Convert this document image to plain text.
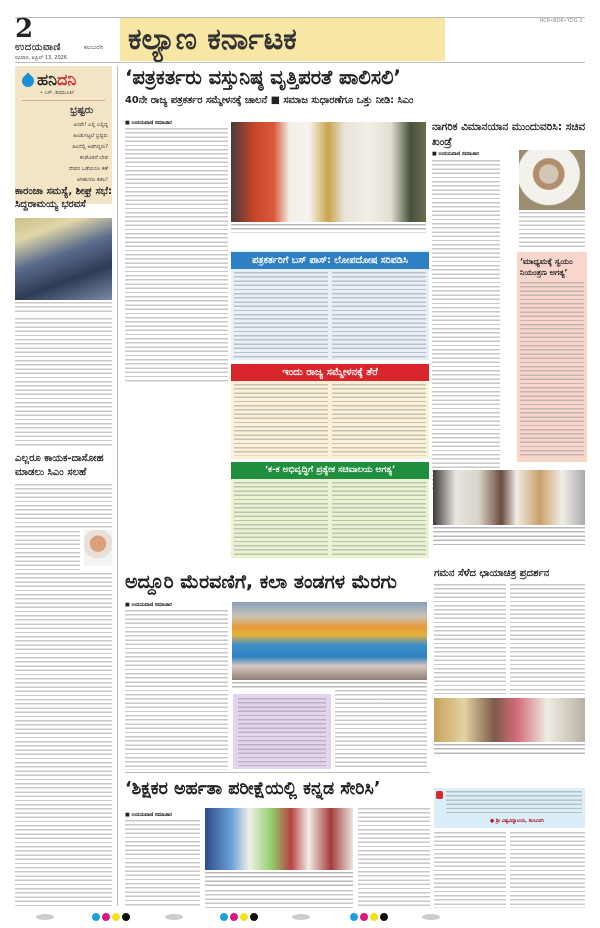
2
ಉದಯವಾಣಿ	ಕಲಬುರಗಿ
ರವಿವಾರ, ಏಪ್ರಿಲ್ 13, 2026
ಕಲ್ಯಾಣ ಕರ್ನಾಟಕ
RCR•BDR•YDG 2
ಹನಿದನಿ
• ಎಸ್. ಶಿವಮೂರ್ತಿ
ಭ್ರಷ್ಟರು
ಅರರೇ! ಎಲ್ಲಿ ಎಲ್ಲಿದ್ದ
ಹಿಂಡುಗಟ್ಟಲೆ ಭ್ರಷ್ಟರು
ಹಿಂದೆಲ್ಲಿ ಅಡಗಿದ್ದರು?
ಕಂಡೊಡನೆ ಬೇಡ
ದೇವರ ಒಡೆಯನೂ ಕಣೆ
ಅಗಿಹುದಣ ಕಡಲ!
ಕಾರಂಜಾ ಸಮಸ್ಯೆ, ಶೀಘ್ರ ಸಭೆ: ಸಿದ್ದರಾಮಯ್ಯ ಭರವಸೆ
ಎಲ್ಲರೂ ಕಾಯಕ-ದಾಸೋಹ ಮಾಡಲು ಸಿಎಂ ಸಲಹೆ
‘ಪತ್ರಕರ್ತರು ವಸ್ತುನಿಷ್ಠ ವೃತ್ತಿಪರತೆ ಪಾಲಿಸಲಿ’
40ನೇ ರಾಜ್ಯ ಪತ್ರಕರ್ತರ ಸಮ್ಮೇಳನಕ್ಕೆ ಚಾಲನೆ ■ ಸಮಾಜ ಸುಧಾರಣೆಗೂ ಒತ್ತು ನೀಡಿ: ಸಿಎಂ
■ ಉದಯವಾಣಿ ಸಮಾಚಾರ
ಪತ್ರಕರ್ತರಿಗೆ ಬಸ್ ಪಾಸ್: ಲೋಪದೋಷ ಸರಿಪಡಿಸಿ
ಇಂದು ರಾಜ್ಯ ಸಮ್ಮೇಳನಕ್ಕೆ ತೆರೆ
‘ಕ-ಕ ಅಭಿವೃದ್ಧಿಗೆ ಪ್ರತ್ಯೇಕ ಸಚಿವಾಲಯ ಅಗತ್ಯ’
ನಾಗರಿಕ ವಿಮಾನಯಾನ ಮುಂದುವರಿಸಿ: ಸಚಿವ ಖಂಡ್ರೆ
■ ಉದಯವಾಣಿ ಸಮಾಚಾರ
‘ಮಾಧ್ಯಮಕ್ಕೆ ಸ್ವಯಂ ನಿಯಂತ್ರಣ ಅಗತ್ಯ’
ಅದ್ದೂರಿ ಮೆರವಣಿಗೆ, ಕಲಾ ತಂಡಗಳ ಮೆರಗು
■ ಉದಯವಾಣಿ ಸಮಾಚಾರ
ಗಮನ ಸೆಳೆದ ಛಾಯಾಚಿತ್ರ ಪ್ರದರ್ಶನ
‘ಶಿಕ್ಷಕರ ಅರ್ಹತಾ ಪರೀಕ್ಷೆಯಲ್ಲಿ ಕನ್ನಡ ಸೇರಿಸಿ’
■ ಉದಯವಾಣಿ ಸಮಾಚಾರ
● ಶ್ರೀ ವಿಶ್ವವಿದ್ಯಾಲಯ, ಕಲಬುರಗಿ
